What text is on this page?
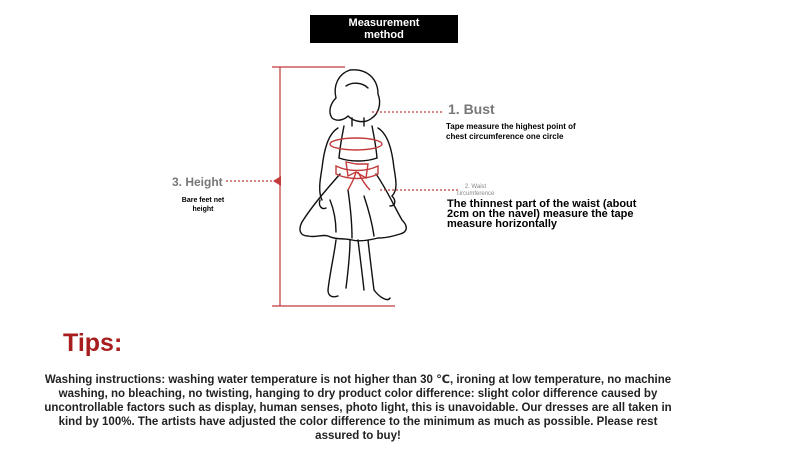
Measurement method
1. Bust
Tape measure the highest point of chest circumference one circle
3. Height
Bare feet net height
2. Waist circumference
The thinnest part of the waist (about 2cm on the navel) measure the tape measure horizontally
Tips:
Washing instructions: washing water temperature is not higher than 30 ℃, ironing at low temperature, no machine washing, no bleaching, no twisting, hanging to dry product color difference: slight color difference caused by uncontrollable factors such as display, human senses, photo light, this is unavoidable. Our dresses are all taken in kind by 100%. The artists have adjusted the color difference to the minimum as much as possible. Please rest assured to buy!
